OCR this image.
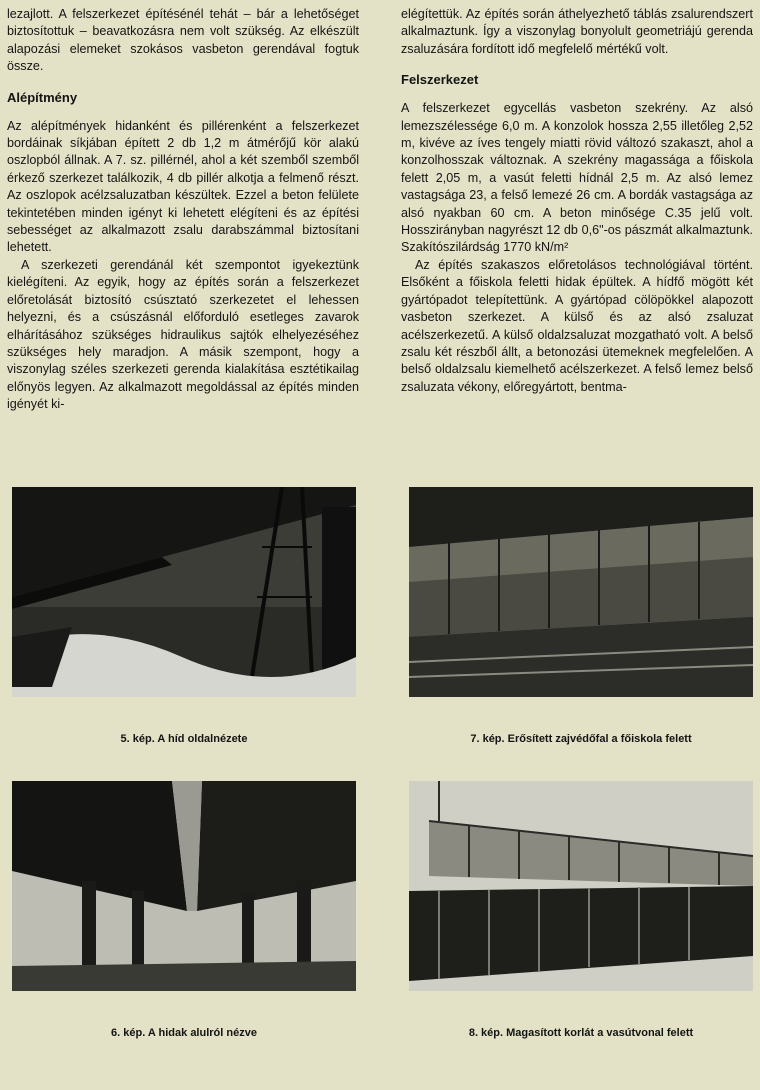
lezajlott. A felszerkezet építésénél tehát – bár a lehetőséget biztosítottuk – beavatkozásra nem volt szükség. Az elkészült alapozási elemeket szokásos vasbeton gerendával fogtuk össze.

Alépítmény

Az alépítmények hidanként és pillérenként a felszerkezet bordáinak síkjában épített 2 db 1,2 m átmérőjű kör alakú oszlopból állnak. A 7. sz. pillérnél, ahol a két szemből szemből érkező szerkezet találkozik, 4 db pillér alkotja a felmenő részt. Az oszlopok acélzsaluzatban készültek. Ezzel a beton felülete tekintetében minden igényt ki lehetett elégíteni és az építési sebességet az alkalmazott zsalu darabszámmal biztosítani lehetett.

A szerkezeti gerendánál két szempontot igyekeztünk kielégíteni. Az egyik, hogy az építés során a felszerkezet előretolását biztosító csúsztató szerkezetet el lehessen helyezni, és a csúszásnál előforduló esetleges zavarok elhárításához szükséges hidraulikus sajtók elhelyezéséhez szükséges hely maradjon. A másik szempont, hogy a viszonylag széles szerkezeti gerenda kialakítása esztétikailag előnyös legyen. Az alkalmazott megoldással az építés minden igényét ki-

elégítettük. Az építés során áthelyezhető táblás zsalurendszert alkalmaztunk. Így a viszonylag bonyolult geometriájú gerenda zsaluzására fordított idő megfelelő mértékű volt.

Felszerkezet

A felszerkezet egycellás vasbeton szekrény. Az alsó lemezszélessége 6,0 m. A konzolok hossza 2,55 illetőleg 2,52 m, kivéve az íves tengely miatti rövid változó szakaszt, ahol a konzolhosszak változnak. A szekrény magassága a főiskola felett 2,05 m, a vasút feletti hídnál 2,5 m. Az alsó lemez vastagsága 23, a felső lemezé 26 cm. A bordák vastagsága az alsó nyakban 60 cm. A beton minősége C.35 jelű volt. Hosszirányban nagyrészt 12 db 0,6"-os pászmát alkalmaztunk. Szakítószilárdság 1770 kN/m²

Az építés szakaszos előretolásos technológiával történt. Elsőként a főiskola feletti hidak épültek. A hídfő mögött két gyártópadot telepítettünk. A gyártópad cölöpökkel alapozott vasbeton szerkezet. A külső és az alsó zsaluzat acélszerkezetű. A külső oldalzsaluzat mozgatható volt. A belső zsalu két részből állt, a betonozási ütemeknek megfelelően. A belső oldalzsalu kiemelhető acélszerkezet. A felső lemez belső zsaluzata vékony, előregyártott, bentma-

5. kép. A híd oldalnézete	7. kép. Erősített zajvédőfal a főiskola felett
6. kép. A hidak alulról nézve	8. kép. Magasított korlát a vasútvonal felett
